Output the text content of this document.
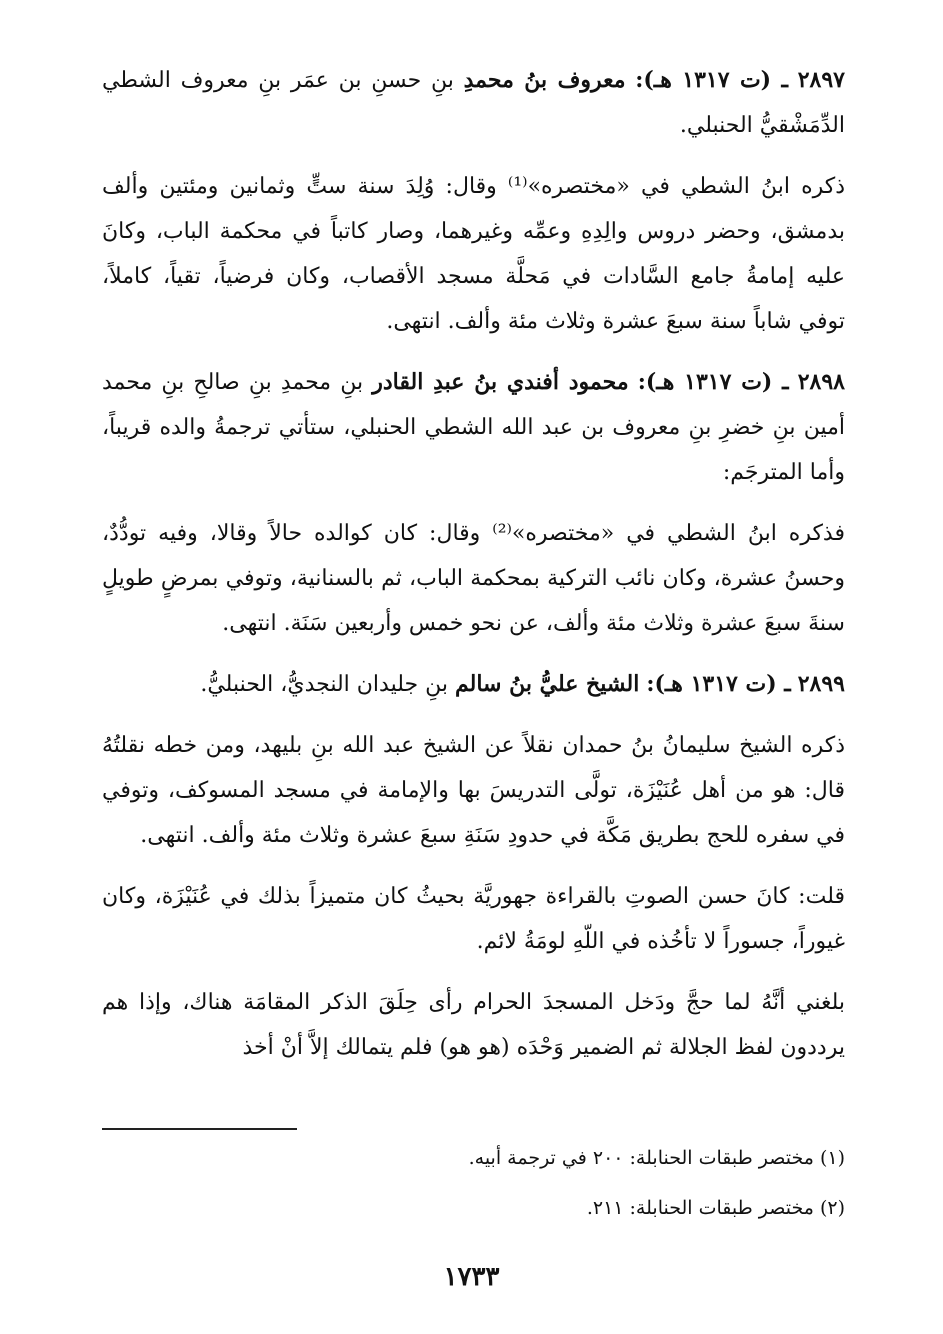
٢٨٩٧ ـ (ت ١٣١٧ هـ): معروف بنُ محمدِ بنِ حسنِ بن عمَر بنِ معروف الشطي الدِّمَشْقيُّ الحنبلي.

ذكره ابنُ الشطي في «مختصره»⁽¹⁾ وقال: وُلِدَ سنة ستٍّ وثمانين ومئتين وألف بدمشق، وحضر دروس والِدِهِ وعمِّه وغيرهما، وصار كاتباً في محكمة الباب، وكانَ عليه إمامةُ جامع السَّادات في مَحلَّة مسجد الأقصاب، وكان فرضياً، تقياً، كاملاً، توفي شاباً سنة سبعَ عشرة وثلاث مئة وألف. انتهى.

٢٨٩٨ ـ (ت ١٣١٧ هـ): محمود أفندي بنُ عبدِ القادر بنِ محمدِ بنِ صالحِ بنِ محمد أمين بنِ خضرِ بنِ معروف بن عبد الله الشطي الحنبلي، ستأتي ترجمةُ والده قريباً، وأما المترجَم:

فذكره ابنُ الشطي في «مختصره»⁽²⁾ وقال: كان كوالده حالاً وقالا، وفيه تودُّدٌ، وحسنُ عشرة، وكان نائب التركية بمحكمة الباب، ثم بالسنانية، وتوفي بمرضٍ طويلٍ سنةَ سبعَ عشرة وثلاث مئة وألف، عن نحو خمس وأربعين سَنَة. انتهى.

٢٨٩٩ ـ (ت ١٣١٧ هـ): الشيخ عليُّ بنُ سالم بنِ جليدان النجديُّ، الحنبليُّ.

ذكره الشيخ سليمانُ بنُ حمدان نقلاً عن الشيخ عبد الله بنِ بليهد، ومن خطه نقلتُهُ قال: هو من أهل عُنَيْزَة، تولَّى التدريسَ بها والإمامة في مسجد المسوكف، وتوفي في سفره للحج بطريق مَكَّة في حدودِ سَنَةِ سبعَ عشرة وثلاث مئة وألف. انتهى.

قلت: كانَ حسن الصوتِ بالقراءة جهوريَّة بحيثُ كان متميزاً بذلك في عُنَيْزَة، وكان غيوراً، جسوراً لا تأخُذه في اللّهِ لومَةُ لائم.

بلغني أنَّهُ لما حجَّ ودَخل المسجدَ الحرام رأى حِلَقَ الذكر المقامَة هناك، وإذا هم يرددون لفظ الجلالة ثم الضمير وَحْدَه (هو هو) فلم يتمالك إلاَّ أنْ أخذ

(١) مختصر طبقات الحنابلة: ٢٠٠ في ترجمة أبيه.

(٢) مختصر طبقات الحنابلة: ٢١١.

١٧٣٣
